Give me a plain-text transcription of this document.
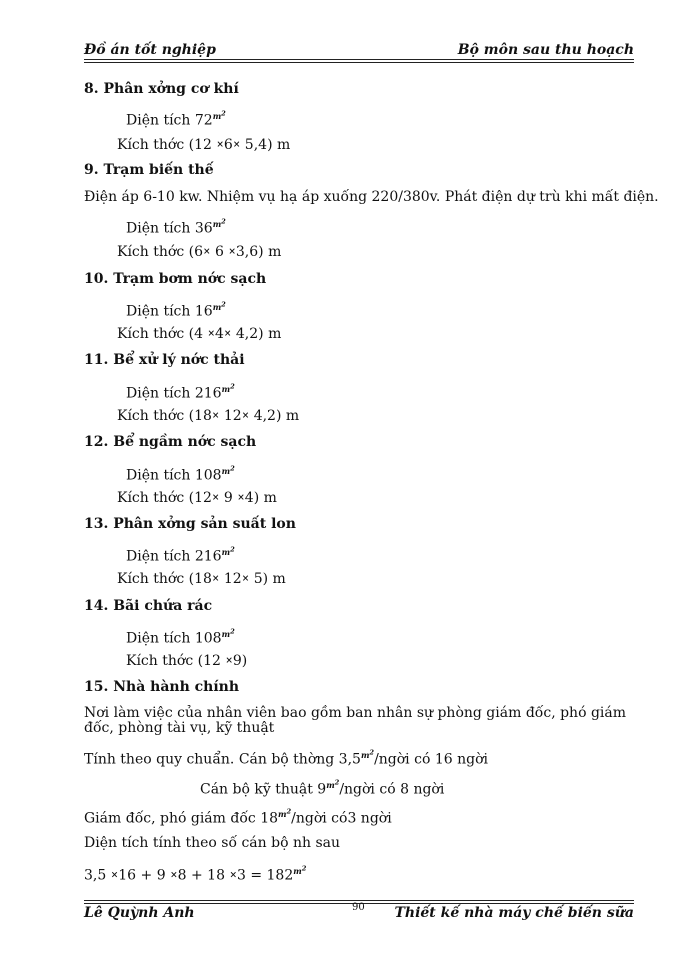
Đồ án tốt nghiệp	Bộ môn sau thu hoạch
8. Phân xởng cơ khí
Diện tích $72^{m^2}$
Kích thớc (12 ×6× 5,4) m
9. Trạm biến thế
Điện áp 6-10 kw. Nhiệm vụ hạ áp xuống 220/380v. Phát điện dự trù khi mất điện.
Diện tích $36^{m^2}$
Kích thớc (6× 6 ×3,6) m
10. Trạm bơm nớc sạch
Diện tích $16^{m^2}$
Kích thớc (4 ×4× 4,2) m
11. Bể xử lý nớc thải
Diện tích $216^{m^2}$
Kích thớc (18× 12× 4,2) m
12. Bể ngầm nớc sạch
Diện tích $108^{m^2}$
Kích thớc (12× 9 ×4) m
13. Phân xởng sản suất lon
Diện tích $216^{m^2}$
Kích thớc (18× 12× 5) m
14. Bãi chứa rác
Diện tích $108^{m^2}$
Kích thớc (12 ×9)
15. Nhà hành chính
Nơi làm việc của nhân viên bao gồm ban nhân sự phòng giám đốc, phó giám đốc, phòng tài vụ, kỹ thuật
Tính theo quy chuẩn. Cán bộ thờng $3,5^{m^2}$/ngời có 16 ngời
Cán bộ kỹ thuật $9^{m^2}$/ngời có 8 ngời
Giám đốc, phó giám đốc $18^{m^2}$/ngời có3 ngời
Diện tích tính theo số cán bộ nh sau
$3,5 \times 16 + 9 \times 8 + 18 \times 3 = 182^{m^2}$
Lê Quỳnh Anh	90 Thiết kế nhà máy chế biến sữa
